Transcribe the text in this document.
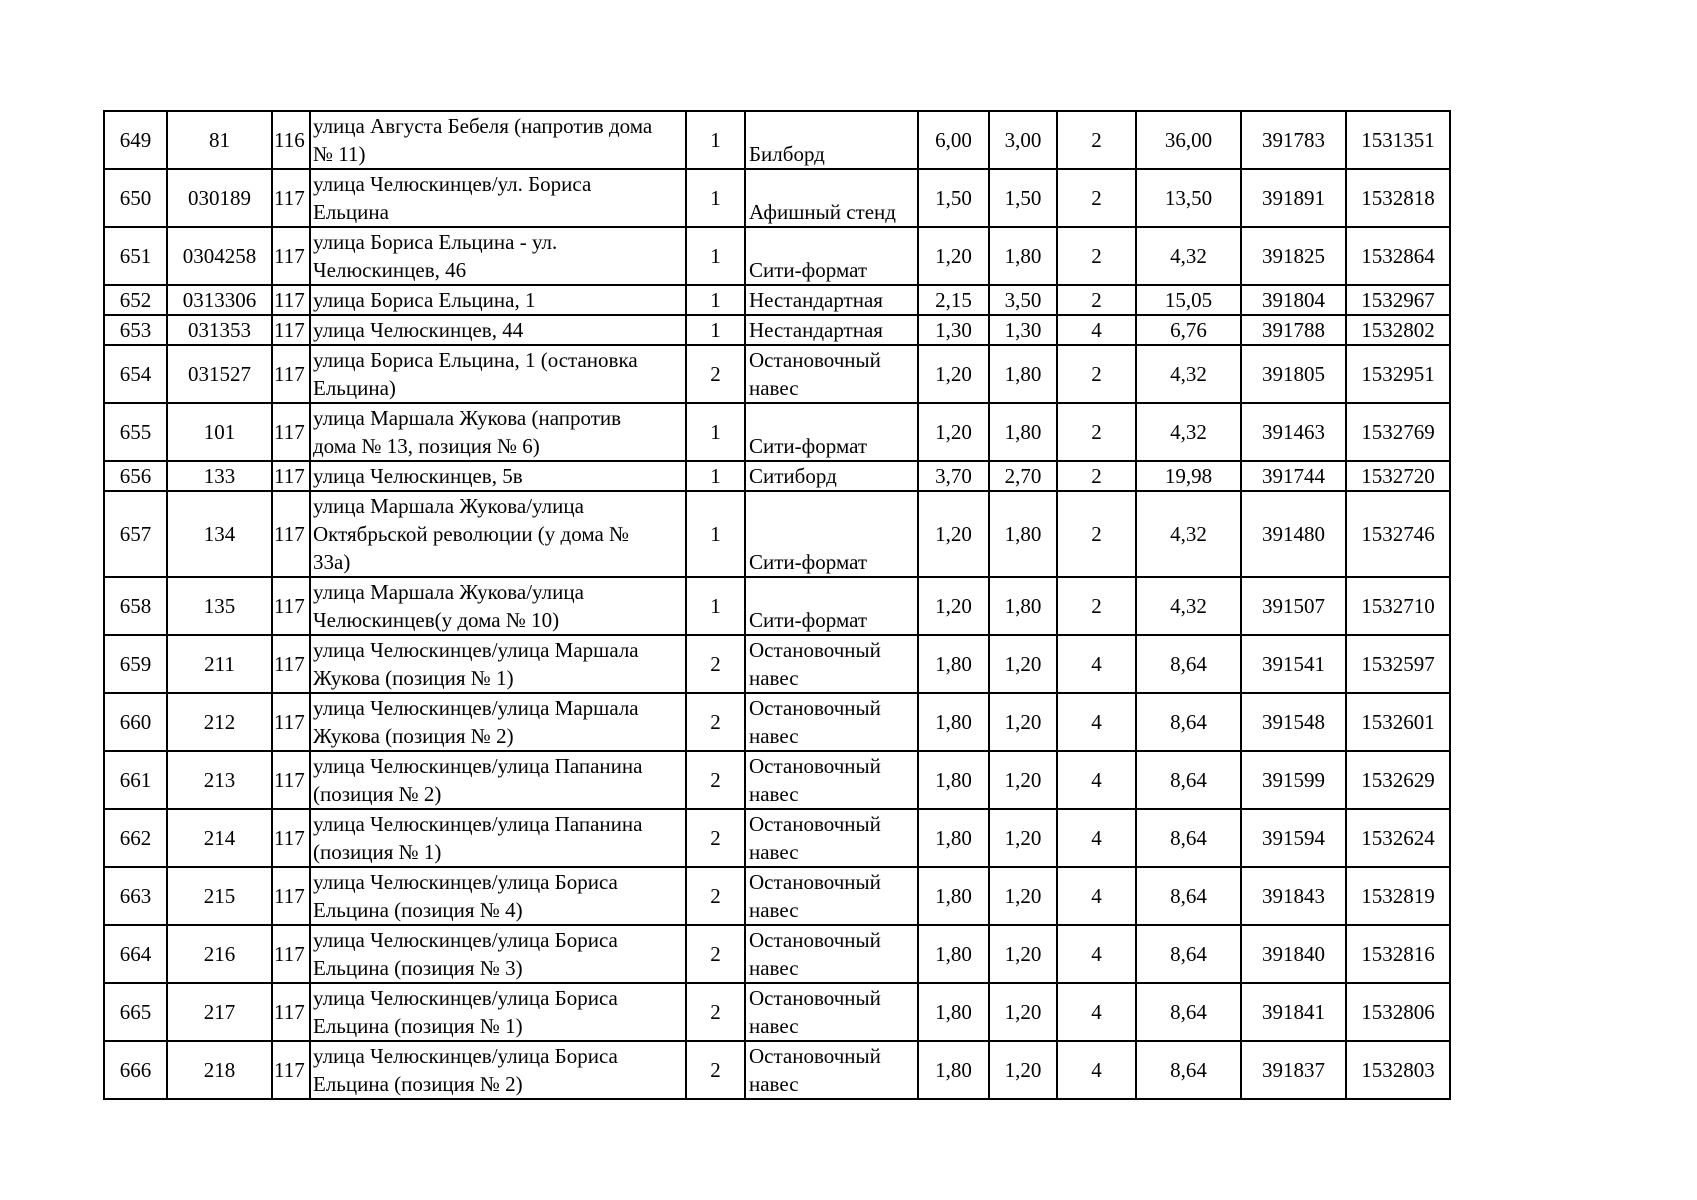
649	81	116	улица Августа Бебеля (напротив дома
№ 11)	1	Билборд	6,00	3,00	2	36,00	391783	1531351
650	030189	117	улица Челюскинцев/ул. Бориса
Ельцина	1	Афишный стенд	1,50	1,50	2	13,50	391891	1532818
651	0304258	117	улица Бориса Ельцина - ул.
Челюскинцев, 46	1	Сити-формат	1,20	1,80	2	4,32	391825	1532864
652	0313306	117	улица Бориса Ельцина, 1	1	Нестандартная	2,15	3,50	2	15,05	391804	1532967
653	031353	117	улица Челюскинцев, 44	1	Нестандартная	1,30	1,30	4	6,76	391788	1532802
654	031527	117	улица Бориса Ельцина, 1 (остановка
Ельцина)	2	Остановочный
навес	1,20	1,80	2	4,32	391805	1532951
655	101	117	улица Маршала Жукова (напротив
дома № 13, позиция № 6)	1	Сити-формат	1,20	1,80	2	4,32	391463	1532769
656	133	117	улица Челюскинцев, 5в	1	Ситиборд	3,70	2,70	2	19,98	391744	1532720
657	134	117	улица Маршала Жукова/улица
Октябрьской революции (у дома №
33а)	1	Сити-формат	1,20	1,80	2	4,32	391480	1532746
658	135	117	улица Маршала Жукова/улица
Челюскинцев(у дома № 10)	1	Сити-формат	1,20	1,80	2	4,32	391507	1532710
659	211	117	улица Челюскинцев/улица Маршала
Жукова (позиция № 1)	2	Остановочный
навес	1,80	1,20	4	8,64	391541	1532597
660	212	117	улица Челюскинцев/улица Маршала
Жукова (позиция № 2)	2	Остановочный
навес	1,80	1,20	4	8,64	391548	1532601
661	213	117	улица Челюскинцев/улица Папанина
(позиция № 2)	2	Остановочный
навес	1,80	1,20	4	8,64	391599	1532629
662	214	117	улица Челюскинцев/улица Папанина
(позиция № 1)	2	Остановочный
навес	1,80	1,20	4	8,64	391594	1532624
663	215	117	улица Челюскинцев/улица Бориса
Ельцина (позиция № 4)	2	Остановочный
навес	1,80	1,20	4	8,64	391843	1532819
664	216	117	улица Челюскинцев/улица Бориса
Ельцина (позиция № 3)	2	Остановочный
навес	1,80	1,20	4	8,64	391840	1532816
665	217	117	улица Челюскинцев/улица Бориса
Ельцина (позиция № 1)	2	Остановочный
навес	1,80	1,20	4	8,64	391841	1532806
666	218	117	улица Челюскинцев/улица Бориса
Ельцина (позиция № 2)	2	Остановочный
навес	1,80	1,20	4	8,64	391837	1532803
